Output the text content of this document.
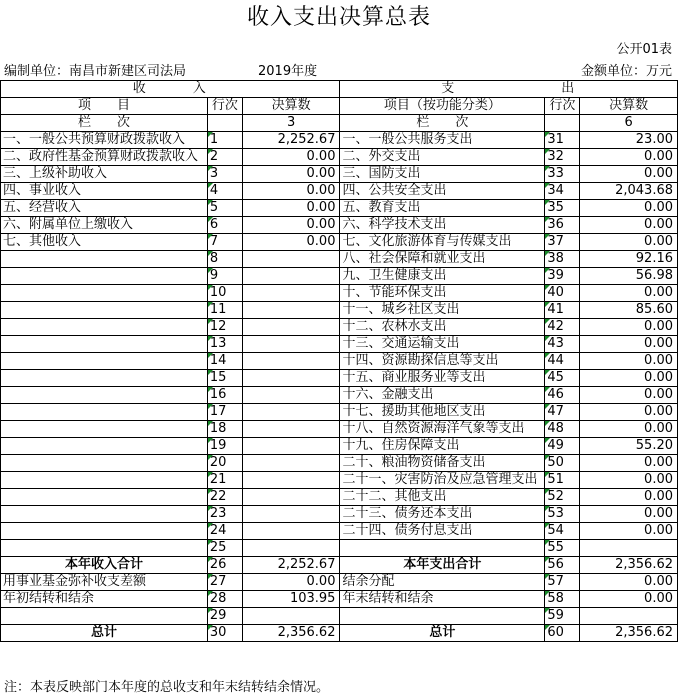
收入支出决算总表
公开01表
编制单位：南昌市新建区司法局	2019年度	金额单位：万元
收　　　入			支　　　　　　　出		
项　　目	行次	决算数	项目（按功能分类）	行次	决算数
栏　　次		3	栏　　次		6
一、一般公共预算财政拨款收入	1	2,252.67	一、一般公共服务支出	31	23.00
二、政府性基金预算财政拨款收入	2	0.00	二、外交支出	32	0.00
三、上级补助收入	3	0.00	三、国防支出	33	0.00
四、事业收入	4	0.00	四、公共安全支出	34	2,043.68
五、经营收入	5	0.00	五、教育支出	35	0.00
六、附属单位上缴收入	6	0.00	六、科学技术支出	36	0.00
七、其他收入	7	0.00	七、文化旅游体育与传媒支出	37	0.00
	8		八、社会保障和就业支出	38	92.16
	9		九、卫生健康支出	39	56.98
	10		十、节能环保支出	40	0.00
	11		十一、城乡社区支出	41	85.60
	12		十二、农林水支出	42	0.00
	13		十三、交通运输支出	43	0.00
	14		十四、资源勘探信息等支出	44	0.00
	15		十五、商业服务业等支出	45	0.00
	16		十六、金融支出	46	0.00
	17		十七、援助其他地区支出	47	0.00
	18		十八、自然资源海洋气象等支出	48	0.00
	19		十九、住房保障支出	49	55.20
	20		二十、粮油物资储备支出	50	0.00
	21		二十一、灾害防治及应急管理支出	51	0.00
	22		二十二、其他支出	52	0.00
	23		二十三、债务还本支出	53	0.00
	24		二十四、债务付息支出	54	0.00
	25			55	
本年收入合计	26	2,252.67	本年支出合计	56	2,356.62
用事业基金弥补收支差额	27	0.00	结余分配	57	0.00
年初结转和结余	28	103.95	年末结转和结余	58	0.00
	29			59	
总计	30	2,356.62	总计	60	2,356.62
注：本表反映部门本年度的总收支和年末结转结余情况。
